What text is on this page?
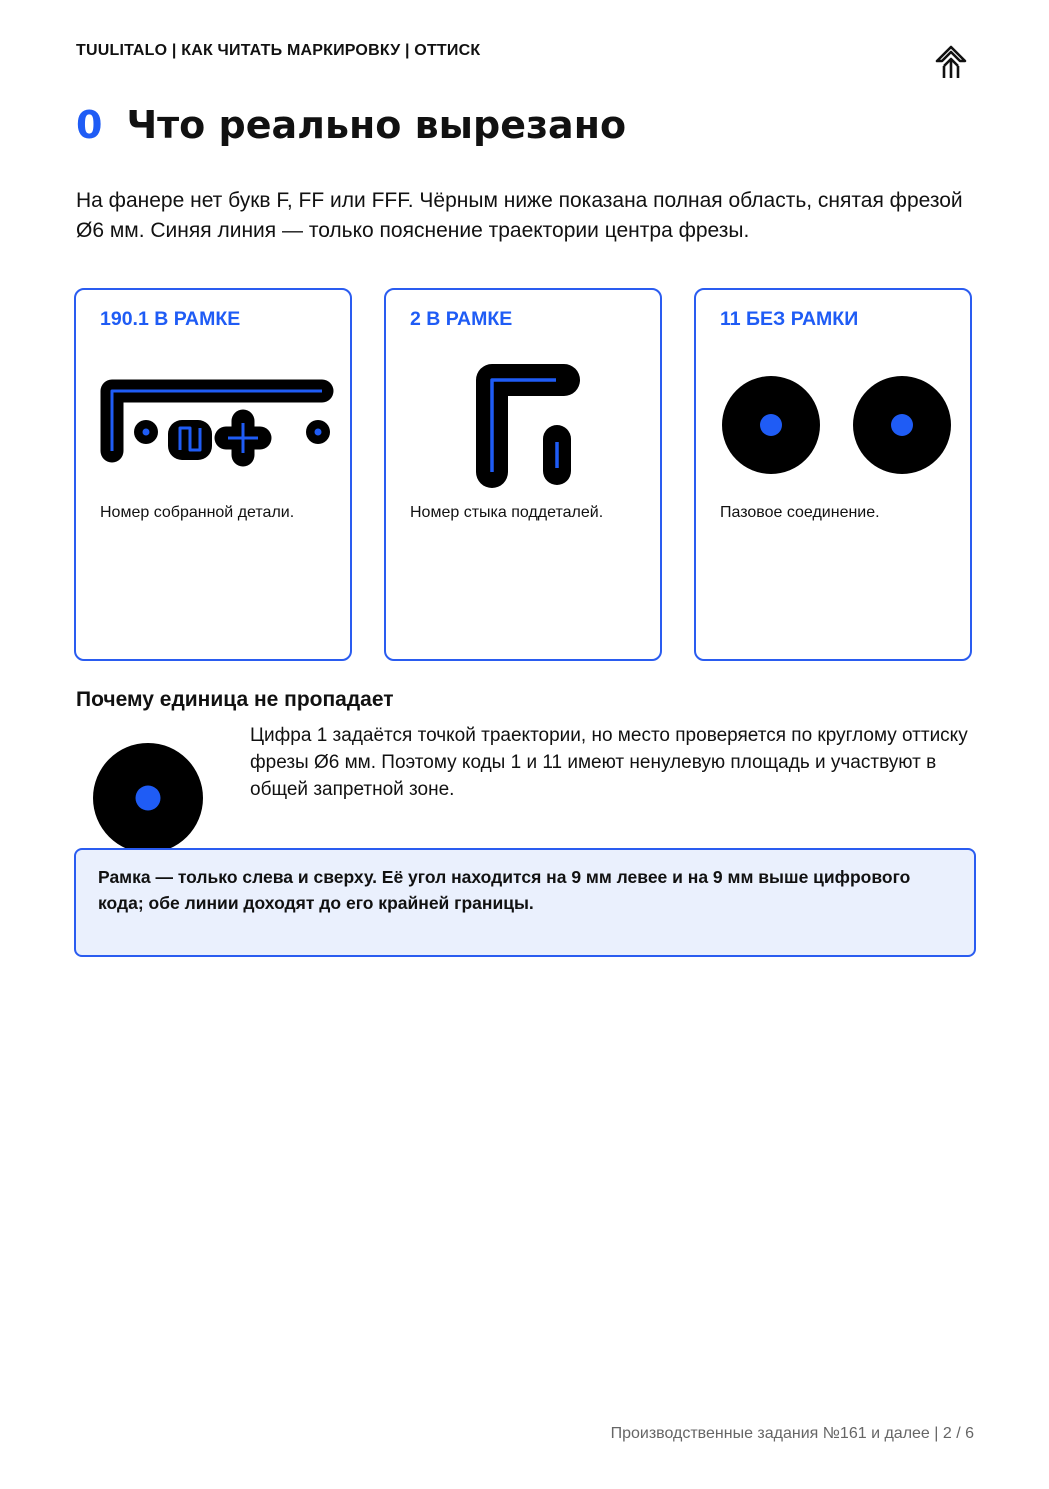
TUULITALO | КАК ЧИТАТЬ МАРКИРОВКУ | ОТТИСК
0 Что реально вырезано
На фанере нет букв F, FF или FFF. Чёрным ниже показана полная область, снятая фрезой Ø6 мм. Синяя линия — только пояснение траектории центра фрезы.
190.1 В РАМКЕ
Номер собранной детали.
2 В РАМКЕ
Номер стыка поддеталей.
11 БЕЗ РАМКИ
Пазовое соединение.
Почему единица не пропадает
Цифра 1 задаётся точкой траектории, но место проверяется по круглому оттиску фрезы Ø6 мм. Поэтому коды 1 и 11 имеют ненулевую площадь и участвуют в общей запретной зоне.
Рамка — только слева и сверху. Её угол находится на 9 мм левее и на 9 мм выше цифрового кода; обе линии доходят до его крайней границы.
Производственные задания №161 и далее | 2 / 6
